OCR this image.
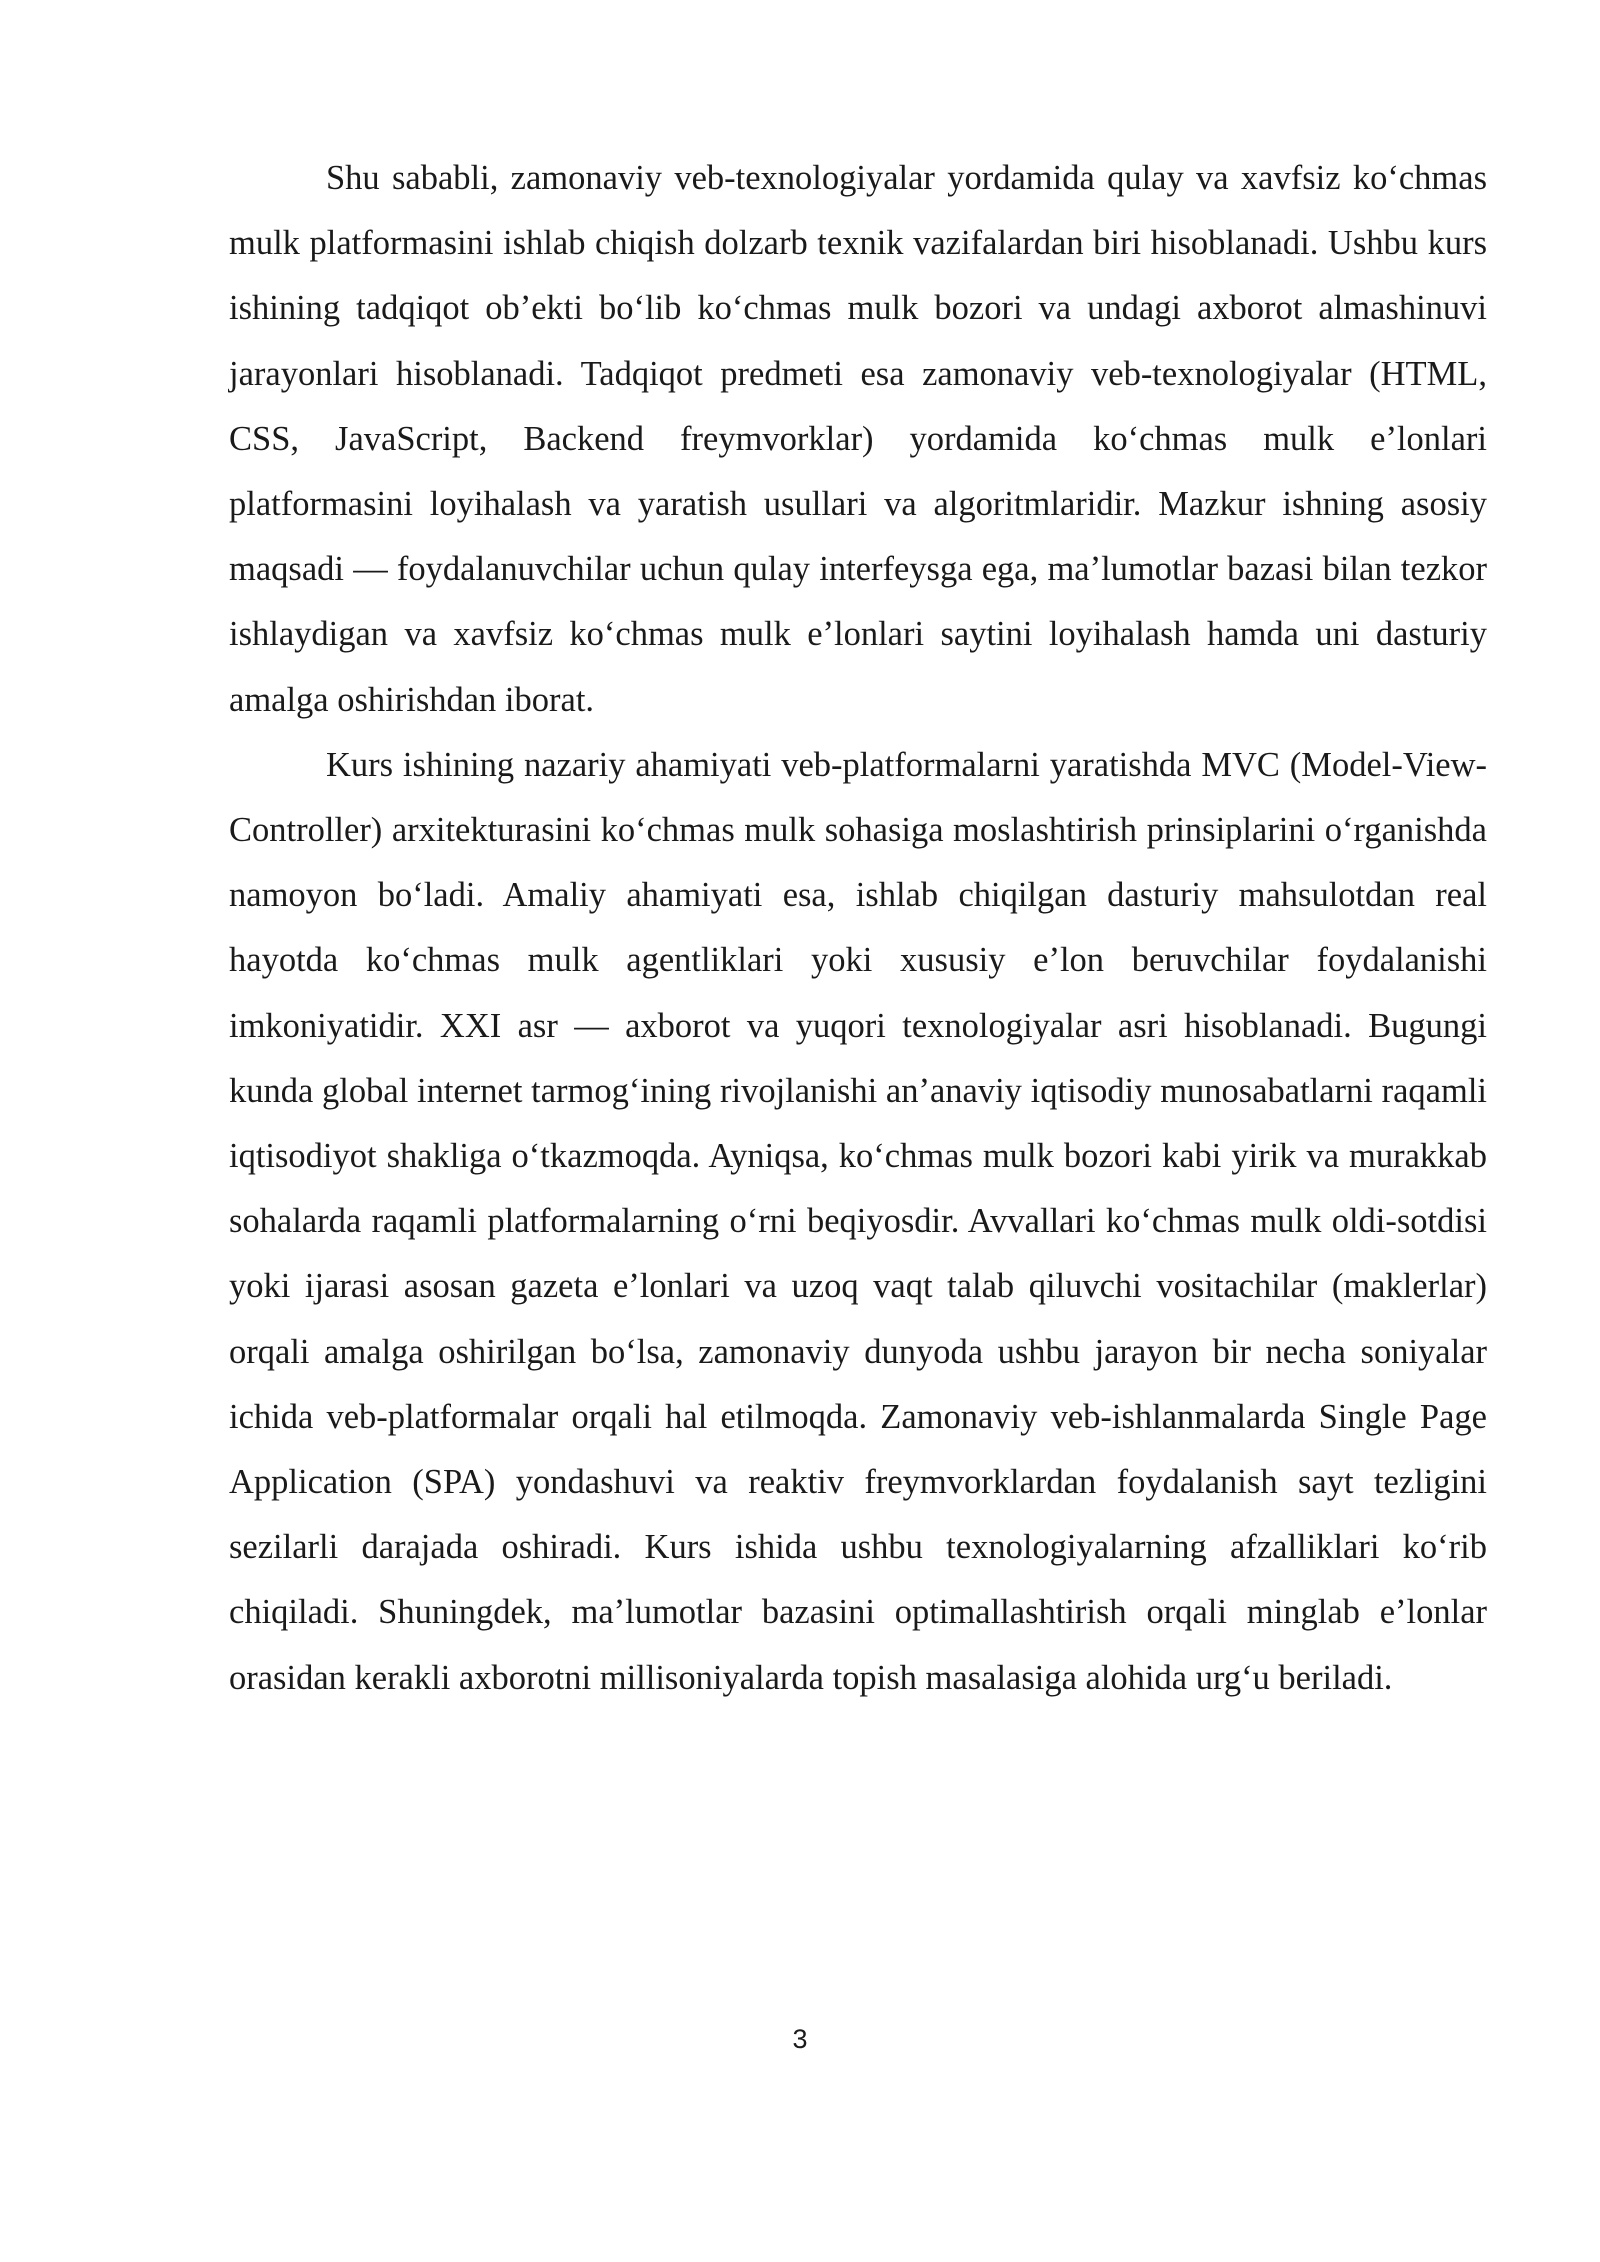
Shu sababli, zamonaviy veb-texnologiyalar yordamida qulay va xavfsiz koʻchmas mulk platformasini ishlab chiqish dolzarb texnik vazifalardan biri hisoblanadi. Ushbu kurs ishining tadqiqot obʼekti boʻlib koʻchmas mulk bozori va undagi axborot almashinuvi jarayonlari hisoblanadi. Tadqiqot predmeti esa zamonaviy veb-texnologiyalar (HTML, CSS, JavaScript, Backend freymvorklar) yordamida koʻchmas mulk eʼlonlari platformasini loyihalash va yaratish usullari va algoritmlaridir. Mazkur ishning asosiy maqsadi — foydalanuvchilar uchun qulay interfeysga ega, maʼlumotlar bazasi bilan tezkor ishlaydigan va xavfsiz koʻchmas mulk eʼlonlari saytini loyihalash hamda uni dasturiy amalga oshirishdan iborat.

Kurs ishining nazariy ahamiyati veb-platformalarni yaratishda MVC (Model-View-Controller) arxitekturasini koʻchmas mulk sohasiga moslashtirish prinsiplarini oʻrganishda namoyon boʻladi. Amaliy ahamiyati esa, ishlab chiqilgan dasturiy mahsulotdan real hayotda koʻchmas mulk agentliklari yoki xususiy eʼlon beruvchilar foydalanishi imkoniyatidir. XXI asr — axborot va yuqori texnologiyalar asri hisoblanadi. Bugungi kunda global internet tarmogʻining rivojlanishi anʼanaviy iqtisodiy munosabatlarni raqamli iqtisodiyot shakliga oʻtkazmoqda. Ayniqsa, koʻchmas mulk bozori kabi yirik va murakkab sohalarda raqamli platformalarning oʻrni beqiyosdir. Avvallari koʻchmas mulk oldi-sotdisi yoki ijarasi asosan gazeta eʼlonlari va uzoq vaqt talab qiluvchi vositachilar (maklerlar) orqali amalga oshirilgan boʻlsa, zamonaviy dunyoda ushbu jarayon bir necha soniyalar ichida veb-platformalar orqali hal etilmoqda. Zamonaviy veb-ishlanmalarda Single Page Application (SPA) yondashuvi va reaktiv freymvorklardan foydalanish sayt tezligini sezilarli darajada oshiradi. Kurs ishida ushbu texnologiyalarning afzalliklari koʻrib chiqiladi. Shuningdek, maʼlumotlar bazasini optimallashtirish orqali minglab eʼlonlar orasidan kerakli axborotni millisoniyalarda topish masalasiga alohida urgʻu beriladi.

3
